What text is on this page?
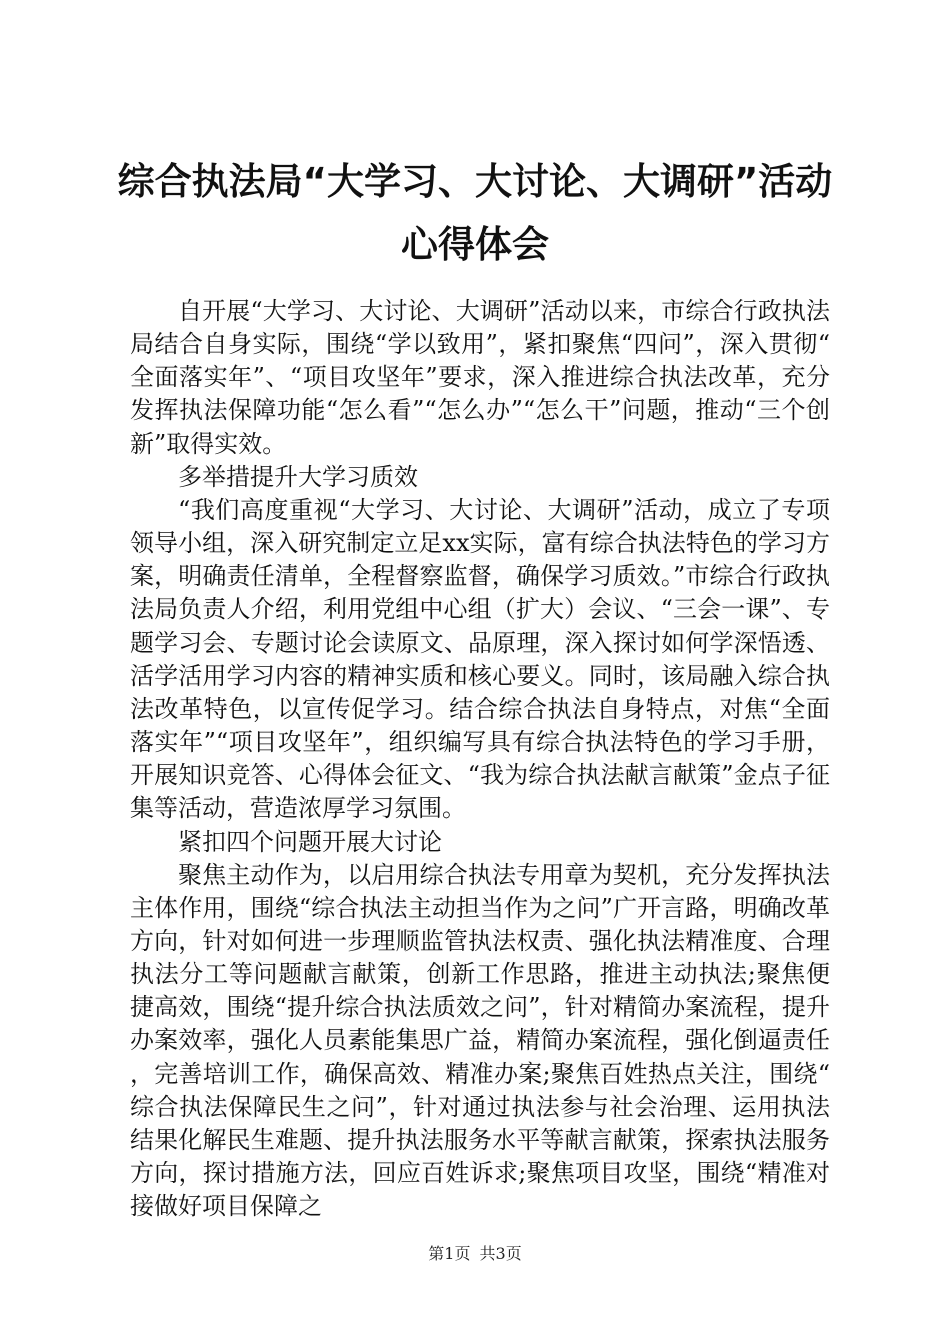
综合执法局“大学习、大讨论、大调研”活动
心得体会

自开展“大学习、大讨论、大调研”活动以来，市综合行政执法局结合自身实际，围绕“学以致用”，紧扣聚焦“四问”，深入贯彻“全面落实年”、“项目攻坚年”要求，深入推进综合执法改革，充分发挥执法保障功能“怎么看”“怎么办”“怎么干”问题，推动“三个创新”取得实效。

多举措提升大学习质效

“我们高度重视“大学习、大讨论、大调研”活动，成立了专项领导小组，深入研究制定立足xx实际，富有综合执法特色的学习方案，明确责任清单，全程督察监督，确保学习质效。”市综合行政执法局负责人介绍，利用党组中心组（扩大）会议、“三会一课”、专题学习会、专题讨论会读原文、品原理，深入探讨如何学深悟透、活学活用学习内容的精神实质和核心要义。同时，该局融入综合执法改革特色，以宣传促学习。结合综合执法自身特点，对焦“全面落实年”“项目攻坚年”，组织编写具有综合执法特色的学习手册，开展知识竞答、心得体会征文、“我为综合执法献言献策”金点子征集等活动，营造浓厚学习氛围。

紧扣四个问题开展大讨论

聚焦主动作为，以启用综合执法专用章为契机，充分发挥执法主体作用，围绕“综合执法主动担当作为之问”广开言路，明确改革方向，针对如何进一步理顺监管执法权责、强化执法精准度、合理执法分工等问题献言献策，创新工作思路，推进主动执法;聚焦便捷高效，围绕“提升综合执法质效之问”，针对精简办案流程，提升办案效率，强化人员素能集思广益，精简办案流程，强化倒逼责任，完善培训工作，确保高效、精准办案;聚焦百姓热点关注，围绕“综合执法保障民生之问”，针对通过执法参与社会治理、运用执法结果化解民生难题、提升执法服务水平等献言献策，探索执法服务方向，探讨措施方法，回应百姓诉求;聚焦项目攻坚，围绕“精准对接做好项目保障之

第1页 共3页
